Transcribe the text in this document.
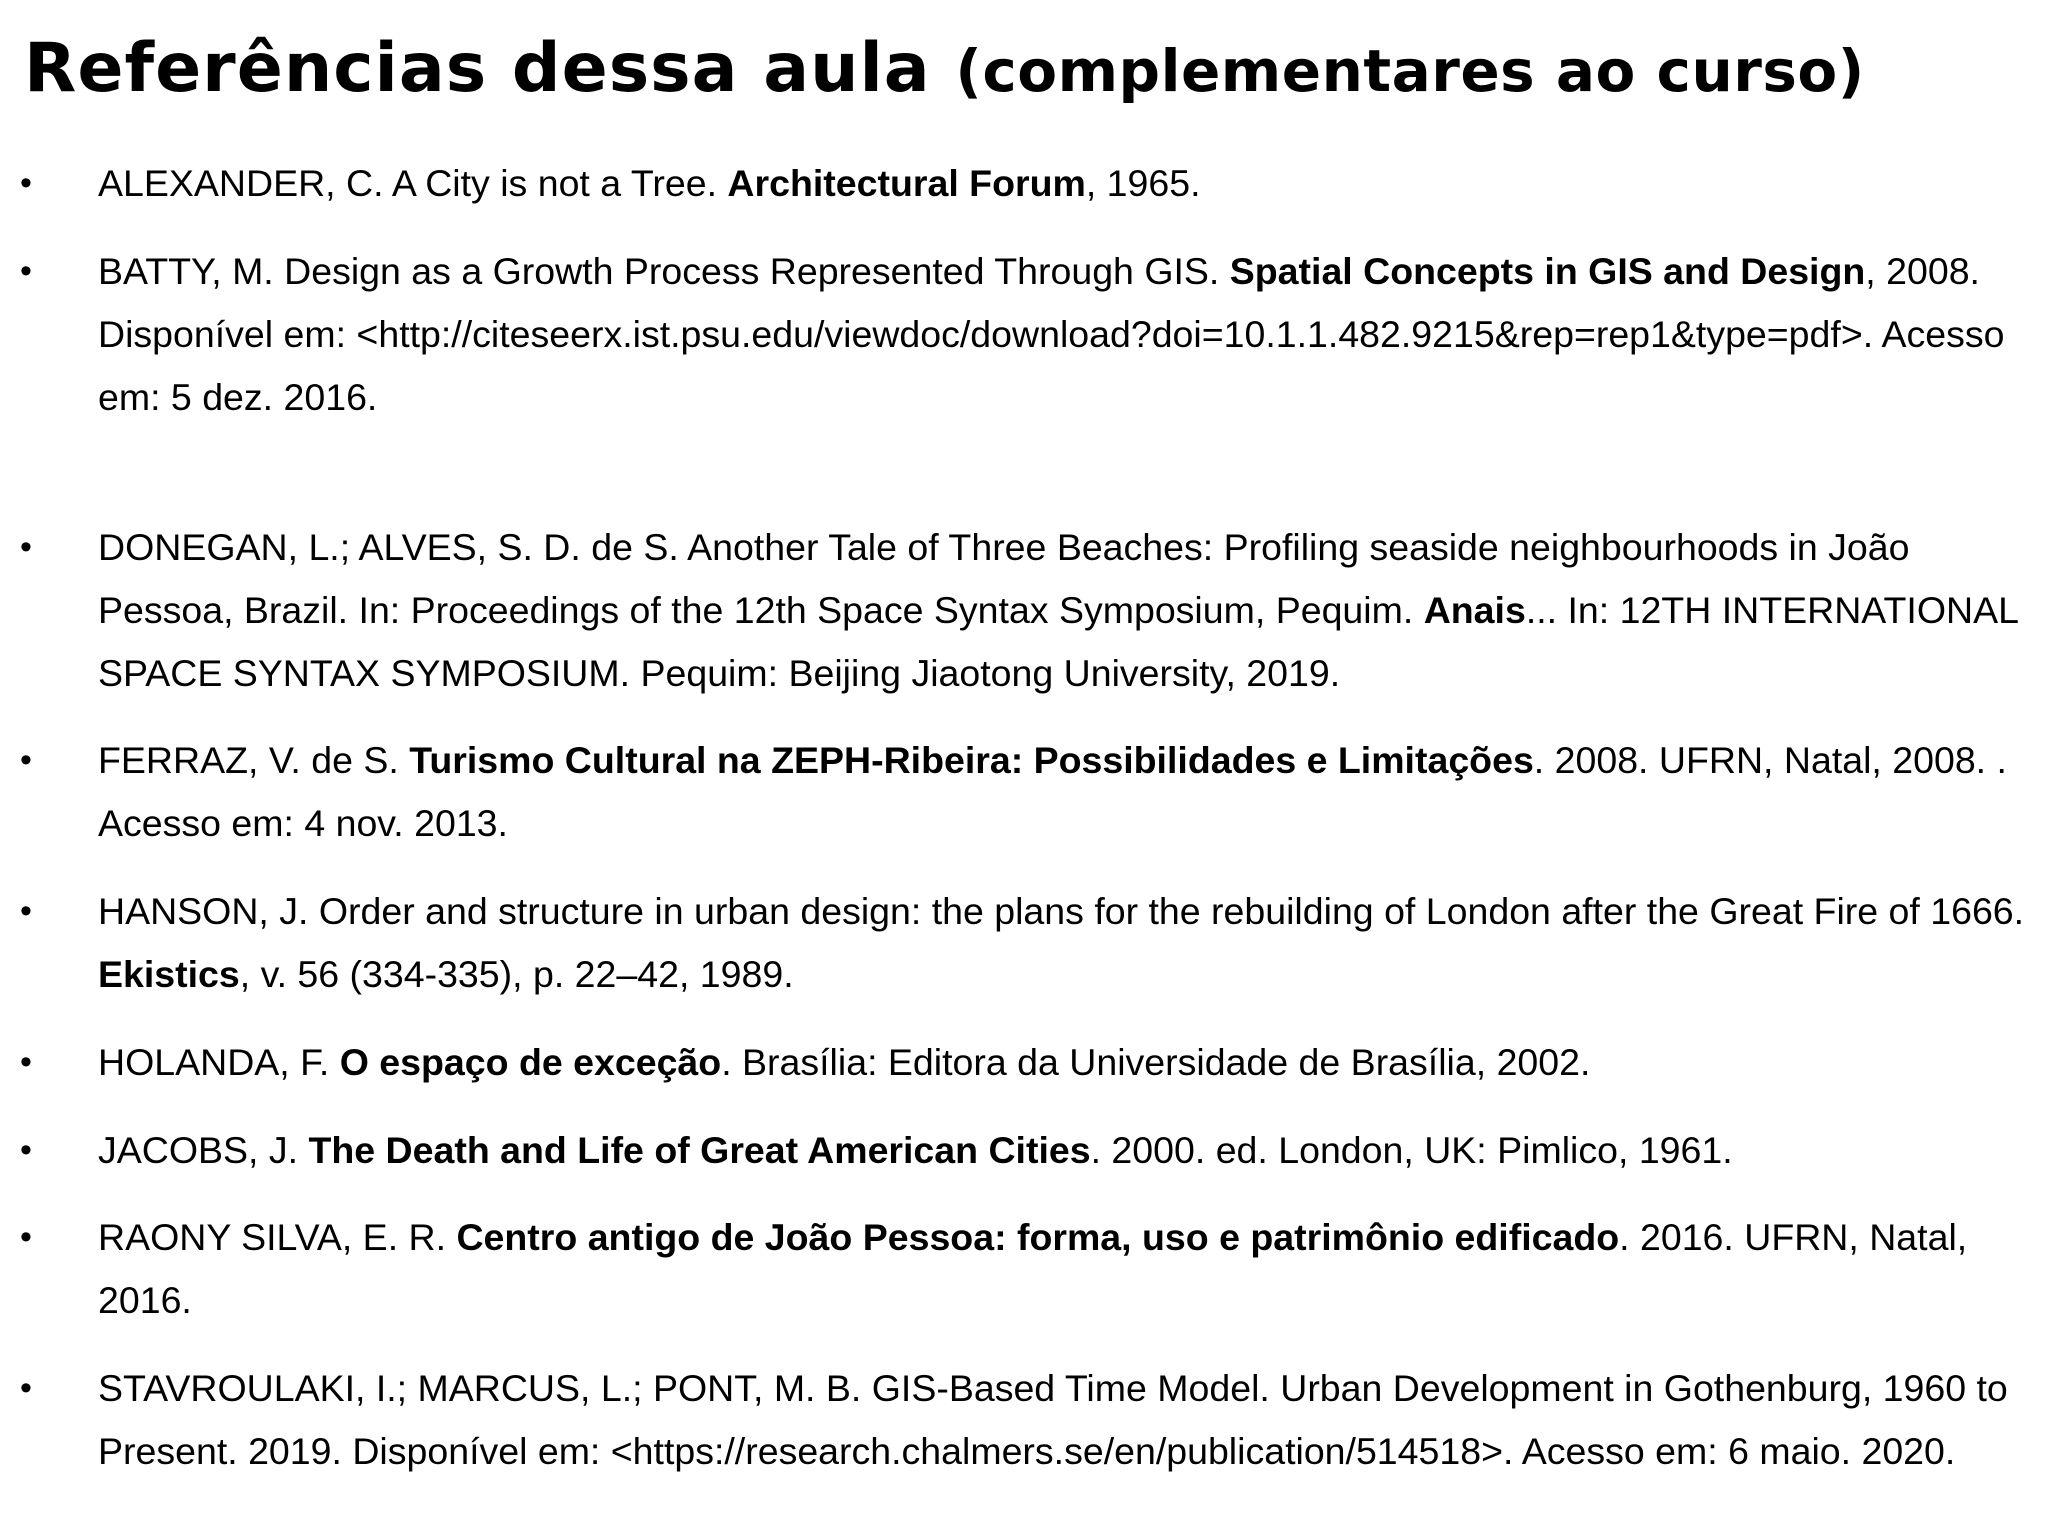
Referências dessa aula (complementares ao curso)
• ALEXANDER, C. A City is not a Tree. Architectural Forum, 1965.
• BATTY, M. Design as a Growth Process Represented Through GIS. Spatial Concepts in GIS and Design, 2008. Disponível em: <http://citeseerx.ist.psu.edu/viewdoc/download?doi=10.1.1.482.9215&rep=rep1&type=pdf>. Acesso em: 5 dez. 2016.
• DONEGAN, L.; ALVES, S. D. de S. Another Tale of Three Beaches: Profiling seaside neighbourhoods in João Pessoa, Brazil. In: Proceedings of the 12th Space Syntax Symposium, Pequim. Anais... In: 12TH INTERNATIONAL SPACE SYNTAX SYMPOSIUM. Pequim: Beijing Jiaotong University, 2019.
• FERRAZ, V. de S. Turismo Cultural na ZEPH-Ribeira: Possibilidades e Limitações. 2008. UFRN, Natal, 2008. . Acesso em: 4 nov. 2013.
• HANSON, J. Order and structure in urban design: the plans for the rebuilding of London after the Great Fire of 1666. Ekistics, v. 56 (334-335), p. 22–42, 1989.
• HOLANDA, F. O espaço de exceção. Brasília: Editora da Universidade de Brasília, 2002.
• JACOBS, J. The Death and Life of Great American Cities. 2000. ed. London, UK: Pimlico, 1961.
• RAONY SILVA, E. R. Centro antigo de João Pessoa: forma, uso e patrimônio edificado. 2016. UFRN, Natal, 2016.
• STAVROULAKI, I.; MARCUS, L.; PONT, M. B. GIS-Based Time Model. Urban Development in Gothenburg, 1960 to Present. 2019. Disponível em: <https://research.chalmers.se/en/publication/514518>. Acesso em: 6 maio. 2020.
